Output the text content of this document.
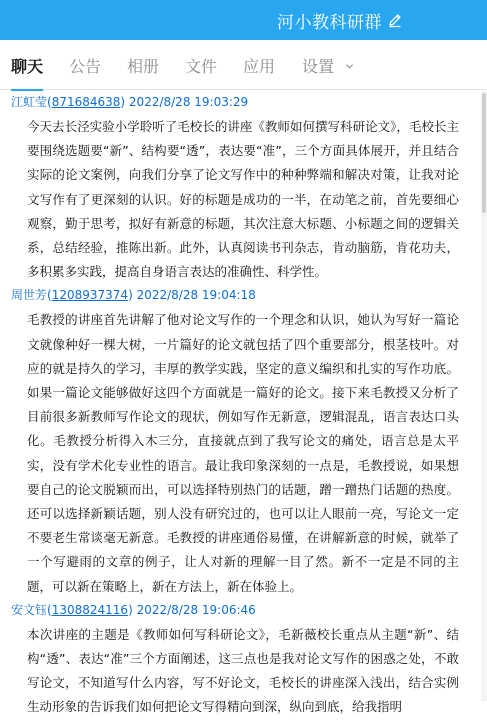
河小教科研群
聊天 公告 相册 文件 应用 设置
江虹莹(871684638) 2022/8/28 19:03:29
今天去长泾实验小学聆听了毛校长的讲座《教师如何撰写科研论文》，毛校长主要围绕选题要“新”、结构要“透”，表达要“准”，三个方面具体展开，并且结合实际的论文案例，向我们分享了论文写作中的种种弊端和解决对策，让我对论文写作有了更深刻的认识。好的标题是成功的一半，在动笔之前，首先要细心观察，勤于思考，拟好有新意的标题，其次注意大标题、小标题之间的逻辑关系，总结经验，推陈出新。此外，认真阅读书刊杂志，肯动脑筋，肯花功夫，多积累多实践，提高自身语言表达的准确性、科学性。
周世芳(1208937374) 2022/8/28 19:04:18
毛教授的讲座首先讲解了他对论文写作的一个理念和认识，她认为写好一篇论文就像种好一棵大树，一片篇好的论文就包括了四个重要部分，根茎枝叶。对应的就是持久的学习，丰厚的教学实践，坚定的意义编织和扎实的写作功底。如果一篇论文能够做好这四个方面就是一篇好的论文。接下来毛教授又分析了目前很多新教师写作论文的现状，例如写作无新意，逻辑混乱，语言表达口头化。毛教授分析得入木三分，直接就点到了我写论文的痛处，语言总是太平实，没有学术化专业性的语言。最让我印象深刻的一点是，毛教授说，如果想要自己的论文脱颖而出，可以选择特别热门的话题，蹭一蹭热门话题的热度。还可以选择新颖话题，别人没有研究过的，也可以让人眼前一亮，写论文一定不要老生常谈毫无新意。毛教授的讲座通俗易懂，在讲解新意的时候，就举了一个写避雨的文章的例子，让人对新的理解一目了然。新不一定是不同的主题，可以新在策略上，新在方法上，新在体验上。
安文钰(1308824116) 2022/8/28 19:06:46
本次讲座的主题是《教师如何写科研论文》，毛新薇校长重点从主题“新”、结构“透”、表达“准”三个方面阐述，这三点也是我对论文写作的困惑之处，不敢写论文，不知道写什么内容，写不好论文，毛校长的讲座深入浅出，结合实例生动形象的告诉我们如何把论文写得精向到深，纵向到底，给我指明
